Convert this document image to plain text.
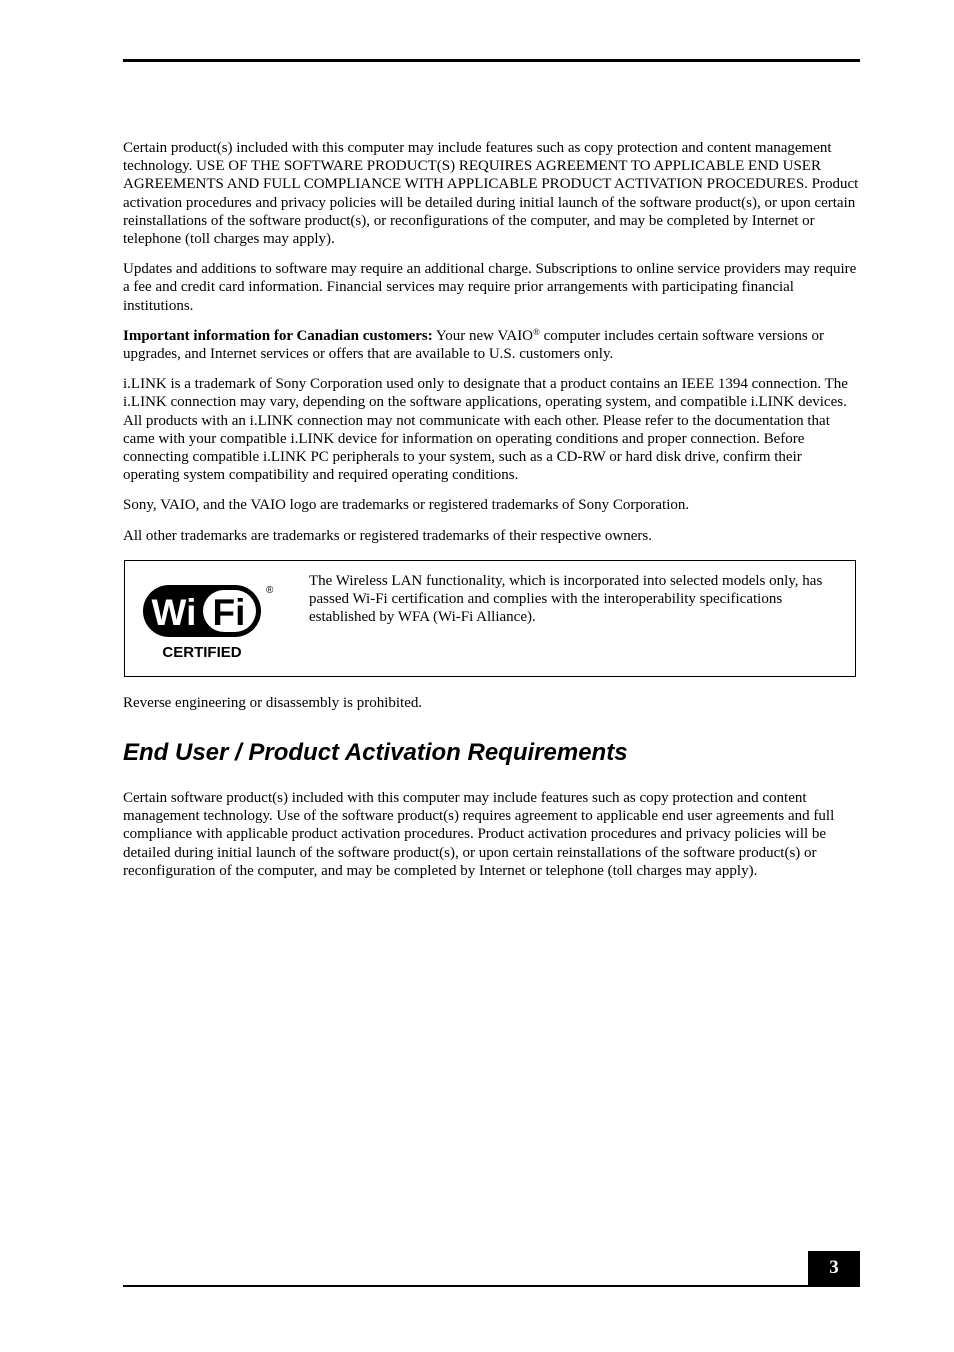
Certain product(s) included with this computer may include features such as copy protection and content management technology. USE OF THE SOFTWARE PRODUCT(S) REQUIRES AGREEMENT TO APPLICABLE END USER AGREEMENTS AND FULL COMPLIANCE WITH APPLICABLE PRODUCT ACTIVATION PROCEDURES. Product activation procedures and privacy policies will be detailed during initial launch of the software product(s), or upon certain reinstallations of the software product(s), or reconfigurations of the computer, and may be completed by Internet or telephone (toll charges may apply).

Updates and additions to software may require an additional charge. Subscriptions to online service providers may require a fee and credit card information. Financial services may require prior arrangements with participating financial institutions.

Important information for Canadian customers: Your new VAIO® computer includes certain software versions or upgrades, and Internet services or offers that are available to U.S. customers only.

i.LINK is a trademark of Sony Corporation used only to designate that a product contains an IEEE 1394 connection. The i.LINK connection may vary, depending on the software applications, operating system, and compatible i.LINK devices. All products with an i.LINK connection may not communicate with each other. Please refer to the documentation that came with your compatible i.LINK device for information on operating conditions and proper connection. Before connecting compatible i.LINK PC peripherals to your system, such as a CD-RW or hard disk drive, confirm their operating system compatibility and required operating conditions.

Sony, VAIO, and the VAIO logo are trademarks or registered trademarks of Sony Corporation.

All other trademarks are trademarks or registered trademarks of their respective owners.

Wi Fi
®
CERTIFIED
The Wireless LAN functionality, which is incorporated into selected models only, has passed Wi-Fi certification and complies with the interoperability specifications established by WFA (Wi-Fi Alliance).

Reverse engineering or disassembly is prohibited.

End User / Product Activation Requirements

Certain software product(s) included with this computer may include features such as copy protection and content management technology. Use of the software product(s) requires agreement to applicable end user agreements and full compliance with applicable product activation procedures. Product activation procedures and privacy policies will be detailed during initial launch of the software product(s), or upon certain reinstallations of the software product(s) or reconfiguration of the computer, and may be completed by Internet or telephone (toll charges may apply).

3
